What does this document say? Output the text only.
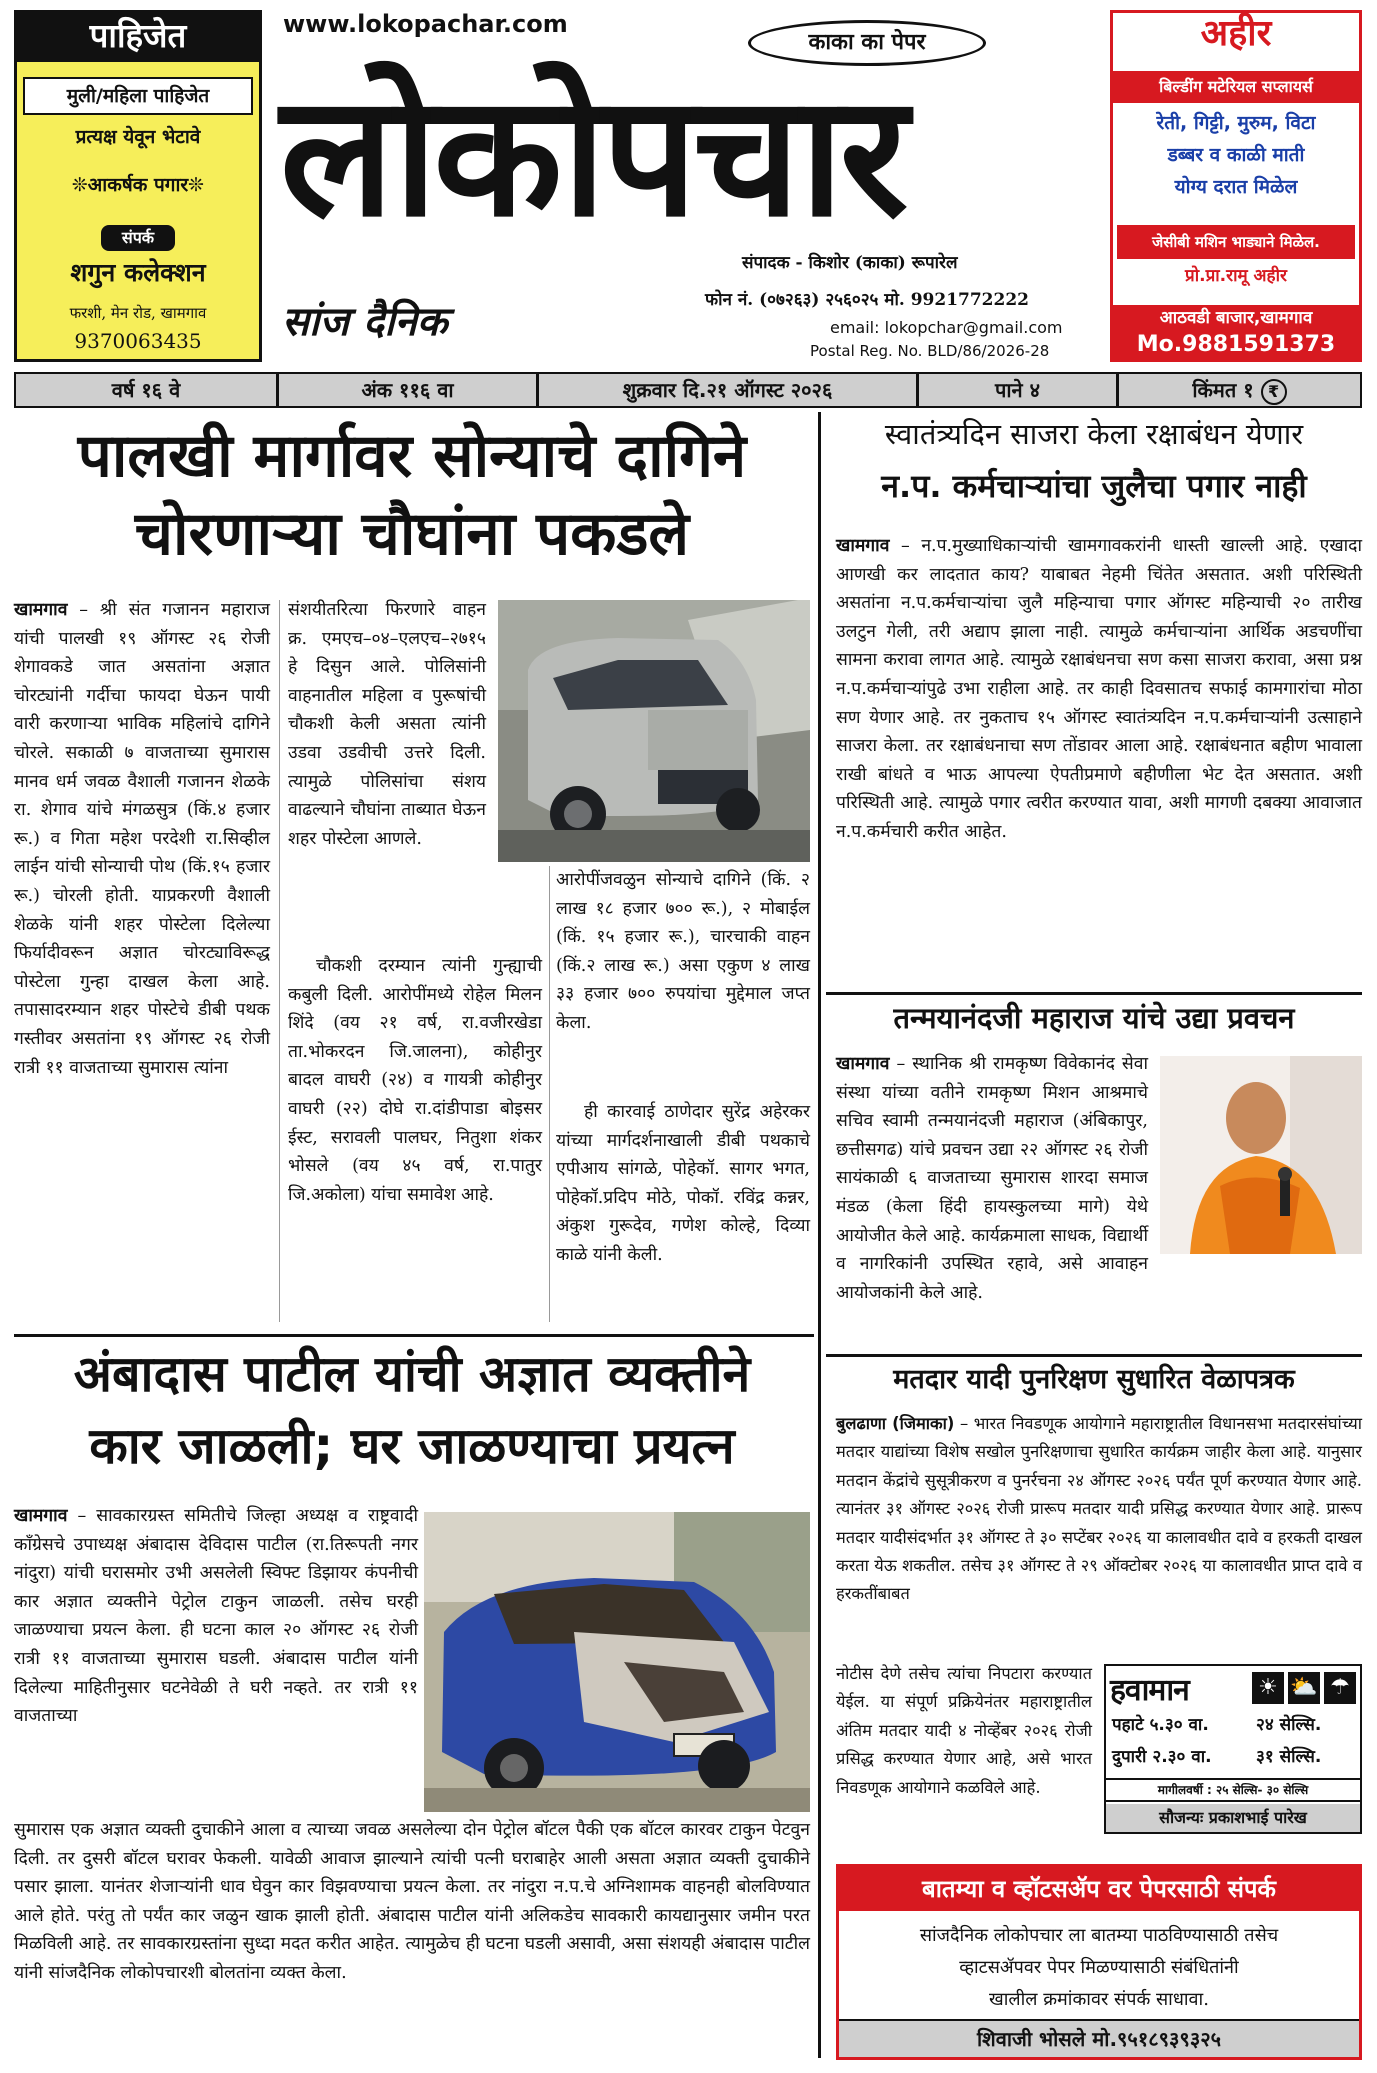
पाहिजेत
मुली/महिला पाहिजेत
प्रत्यक्ष येवून भेटावे
❊आकर्षक पगार❊
संपर्क
शगुन कलेक्शन
फरशी, मेन रोड, खामगाव
9370063435
www.lokopachar.com
काका का पेपर
लोकोपचार
सांज दैनिक
संपादक - किशोर (काका) रूपारेल
फोन नं. (०७२६३) २५६०२५ मो. 9921772222
email: lokopchar@gmail.com
Postal Reg. No. BLD/86/2026-28
अहीर
बिल्डींग मटेरियल सप्लायर्स
रेती, गिट्टी, मुरुम, विटा
डब्बर व काळी माती
योग्य दरात मिळेल
जेसीबी मशिन भाड्याने मिळेल.
प्रो.प्रा.रामू अहीर
आठवडी बाजार,खामगाव
Mo.9881591373
वर्ष १६ वे	अंक ११६ वा	शुक्रवार दि.२१ ऑगस्ट २०२६	पाने ४	किंमत १ ₹
पालखी मार्गावर सोन्याचे दागिने
चोरणाऱ्या चौघांना पकडले
खामगाव – श्री संत गजानन महाराज यांची पालखी १९ ऑगस्ट २६ रोजी शेगावकडे जात असतांना अज्ञात चोरट्यांनी गर्दीचा फायदा घेऊन पायी वारी करणाऱ्या भाविक महिलांचे दागिने चोरले. सकाळी ७ वाजताच्या सुमारास मानव धर्म जवळ वैशाली गजानन शेळके रा. शेगाव यांचे मंगळसुत्र (किं.४ हजार रू.) व गिता महेश परदेशी रा.सिव्हील लाईन यांची सोन्याची पोथ (किं.१५ हजार रू.) चोरली होती. याप्रकरणी वैशाली शेळके यांनी शहर पोस्टेला दिलेल्या फिर्यादीवरून अज्ञात चोरट्याविरूद्ध पोस्टेला गुन्हा दाखल केला आहे. तपासादरम्यान शहर पोस्टेचे डीबी पथक गस्तीवर असतांना १९ ऑगस्ट २६ रोजी रात्री ११ वाजताच्या सुमारास त्यांना
संशयीतरित्या फिरणारे वाहन क्र. एमएच–०४–एलएच–२७१५ हे दिसुन आले. पोलिसांनी वाहनातील महिला व पुरूषांची चौकशी केली असता त्यांनी उडवा उडवीची उत्तरे दिली. त्यामुळे पोलिसांचा संशय वाढल्याने चौघांना ताब्यात घेऊन शहर पोस्टेला आणले.
चौकशी दरम्यान त्यांनी गुन्ह्याची कबुली दिली. आरोपींमध्ये रोहेल मिलन शिंदे (वय २१ वर्ष, रा.वजीरखेडा ता.भोकरदन जि.जालना), कोहीनुर बादल वाघरी (२४) व गायत्री कोहीनुर वाघरी (२२) दोघे रा.दांडीपाडा बोइसर ईस्ट, सरावली पालघर, नितुशा शंकर भोसले (वय ४५ वर्ष, रा.पातुर जि.अकोला) यांचा समावेश आहे.
आरोपींजवळुन सोन्याचे दागिने (किं. २ लाख १८ हजार ७०० रू.), २ मोबाईल (किं. १५ हजार रू.), चारचाकी वाहन (किं.२ लाख रू.) असा एकुण ४ लाख ३३ हजार ७०० रुपयांचा मुद्देमाल जप्त केला.
ही कारवाई ठाणेदार सुरेंद्र अहेरकर यांच्या मार्गदर्शनाखाली डीबी पथकाचे एपीआय सांगळे, पोहेकॉ. सागर भगत, पोहेकॉ.प्रदिप मोठे, पोकॉ. रविंद्र कन्नर, अंकुश गुरूदेव, गणेश कोल्हे, दिव्या काळे यांनी केली.
अंबादास पाटील यांची अज्ञात व्यक्तीने
कार जाळली; घर जाळण्याचा प्रयत्न
खामगाव – सावकारग्रस्त समितीचे जिल्हा अध्यक्ष व राष्ट्रवादी कॉंग्रेसचे उपाध्यक्ष अंबादास देविदास पाटील (रा.तिरूपती नगर नांदुरा) यांची घरासमोर उभी असलेली स्विफ्ट डिझायर कंपनीची कार अज्ञात व्यक्तीने पेट्रोल टाकुन जाळली. तसेच घरही जाळण्याचा प्रयत्न केला. ही घटना काल २० ऑगस्ट २६ रोजी रात्री ११ वाजताच्या सुमारास घडली. अंबादास पाटील यांनी दिलेल्या माहितीनुसार घटनेवेळी ते घरी नव्हते. तर रात्री ११ वाजताच्या
सुमारास एक अज्ञात व्यक्ती दुचाकीने आला व त्याच्या जवळ असलेल्या दोन पेट्रोल बॉटल पैकी एक बॉटल कारवर टाकुन पेटवुन दिली. तर दुसरी बॉटल घरावर फेकली. यावेळी आवाज झाल्याने त्यांची पत्नी घराबाहेर आली असता अज्ञात व्यक्ती दुचाकीने पसार झाला. यानंतर शेजाऱ्यांनी धाव घेवुन कार विझवण्याचा प्रयत्न केला. तर नांदुरा न.प.चे अग्निशामक वाहनही बोलविण्यात आले होते. परंतु तो पर्यंत कार जळुन खाक झाली होती. अंबादास पाटील यांनी अलिकडेच सावकारी कायद्यानुसार जमीन परत मिळविली आहे. तर सावकारग्रस्तांना सुध्दा मदत करीत आहेत. त्यामुळेच ही घटना घडली असावी, असा संशयही अंबादास पाटील यांनी सांजदैनिक लोकोपचारशी बोलतांना व्यक्त केला.
स्वातंत्र्यदिन साजरा केला रक्षाबंधन येणार
न.प. कर्मचाऱ्यांचा जुलैचा पगार नाही
खामगाव – न.प.मुख्याधिकाऱ्यांची खामगावकरांनी धास्ती खाल्ली आहे. एखादा आणखी कर लादतात काय? याबाबत नेहमी चिंतेत असतात. अशी परिस्थिती असतांना न.प.कर्मचाऱ्यांचा जुलै महिन्याचा पगार ऑगस्ट महिन्याची २० तारीख उलटुन गेली, तरी अद्याप झाला नाही. त्यामुळे कर्मचाऱ्यांना आर्थिक अडचणींचा सामना करावा लागत आहे. त्यामुळे रक्षाबंधनचा सण कसा साजरा करावा, असा प्रश्न न.प.कर्मचाऱ्यांपुढे उभा राहीला आहे. तर काही दिवसातच सफाई कामगारांचा मोठा सण येणार आहे. तर नुकताच १५ ऑगस्ट स्वातंत्र्यदिन न.प.कर्मचाऱ्यांनी उत्साहाने साजरा केला. तर रक्षाबंधनाचा सण तोंडावर आला आहे. रक्षाबंधनात बहीण भावाला राखी बांधते व भाऊ आपल्या ऐपतीप्रमाणे बहीणीला भेट देत असतात. अशी परिस्थिती आहे. त्यामुळे पगार त्वरीत करण्यात यावा, अशी मागणी दबक्या आवाजात न.प.कर्मचारी करीत आहेत.
तन्मयानंदजी महाराज यांचे उद्या प्रवचन
खामगाव – स्थानिक श्री रामकृष्ण विवेकानंद सेवा संस्था यांच्या वतीने रामकृष्ण मिशन आश्रमाचे सचिव स्वामी तन्मयानंदजी महाराज (अंबिकापुर, छत्तीसगढ) यांचे प्रवचन उद्या २२ ऑगस्ट २६ रोजी सायंकाळी ६ वाजताच्या सुमारास शारदा समाज मंडळ (केला हिंदी हायस्कुलच्या मागे) येथे आयोजीत केले आहे. कार्यक्रमाला साधक, विद्यार्थी व नागरिकांनी उपस्थित रहावे, असे आवाहन आयोजकांनी केले आहे.
मतदार यादी पुनरिक्षण सुधारित वेळापत्रक
बुलढाणा (जिमाका) – भारत निवडणूक आयोगाने महाराष्ट्रातील विधानसभा मतदारसंघांच्या मतदार याद्यांच्या विशेष सखोल पुनरिक्षणाचा सुधारित कार्यक्रम जाहीर केला आहे. यानुसार मतदान केंद्रांचे सुसूत्रीकरण व पुनर्रचना २४ ऑगस्ट २०२६ पर्यंत पूर्ण करण्यात येणार आहे. त्यानंतर ३१ ऑगस्ट २०२६ रोजी प्रारूप मतदार यादी प्रसिद्ध करण्यात येणार आहे. प्रारूप मतदार यादीसंदर्भात ३१ ऑगस्ट ते ३० सप्टेंबर २०२६ या कालावधीत दावे व हरकती दाखल करता येऊ शकतील. तसेच ३१ ऑगस्ट ते २९ ऑक्टोबर २०२६ या कालावधीत प्राप्त दावे व हरकतींबाबत
नोटीस देणे तसेच त्यांचा निपटारा करण्यात येईल. या संपूर्ण प्रक्रियेनंतर महाराष्ट्रातील अंतिम मतदार यादी ४ नोव्हेंबर २०२६ रोजी प्रसिद्ध करण्यात येणार आहे, असे भारत निवडणूक आयोगाने कळविले आहे.
हवामान	☀ ⛅ ☂
पहाटे ५.३० वा.	२४ सेल्सि.
दुपारी २.३० वा.	३१ सेल्सि.
मागीलवर्षी : २५ सेल्सि- ३० सेल्सि
सौजन्यः प्रकाशभाई पारेख
बातम्या व व्हॉटसॲप वर पेपरसाठी संपर्क
सांजदैनिक लोकोपचार ला बातम्या पाठविण्यासाठी तसेच
व्हाटसॲपवर पेपर मिळण्यासाठी संबंधितांनी
खालील क्रमांकावर संपर्क साधावा.
शिवाजी भोसले मो.९५१८९३९३२५
